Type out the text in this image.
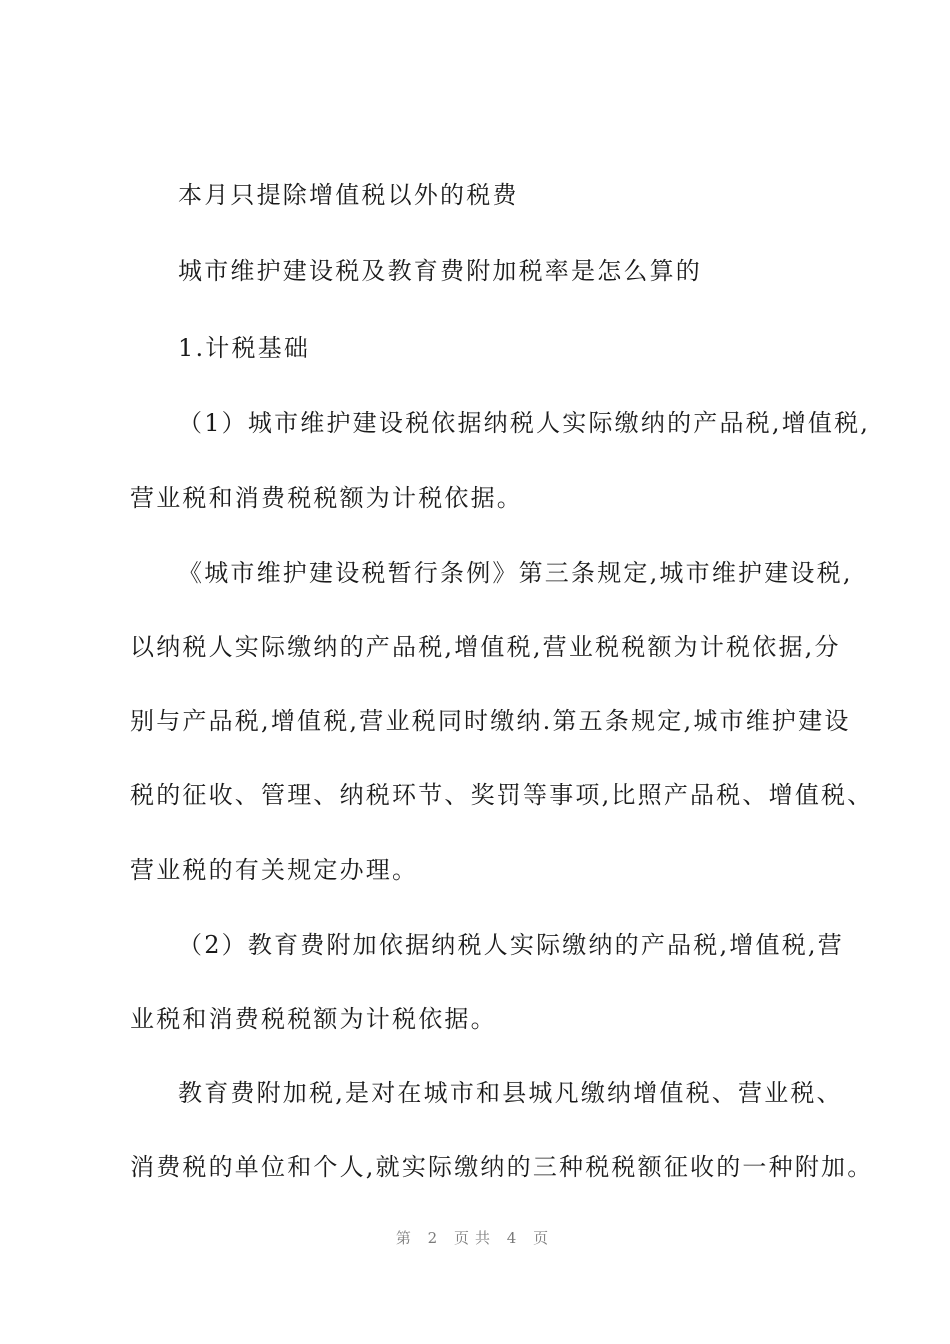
本月只提除增值税以外的税费
城市维护建设税及教育费附加税率是怎么算的
1.计税基础
（1）城市维护建设税依据纳税人实际缴纳的产品税,增值税,
营业税和消费税税额为计税依据。
《城市维护建设税暂行条例》第三条规定,城市维护建设税,
以纳税人实际缴纳的产品税,增值税,营业税税额为计税依据,分
别与产品税,增值税,营业税同时缴纳.第五条规定,城市维护建设
税的征收、管理、纳税环节、奖罚等事项,比照产品税、增值税、
营业税的有关规定办理。
（2）教育费附加依据纳税人实际缴纳的产品税,增值税,营
业税和消费税税额为计税依据。
教育费附加税,是对在城市和县城凡缴纳增值税、营业税、
消费税的单位和个人,就实际缴纳的三种税税额征收的一种附加。
第 2 页共 4 页
